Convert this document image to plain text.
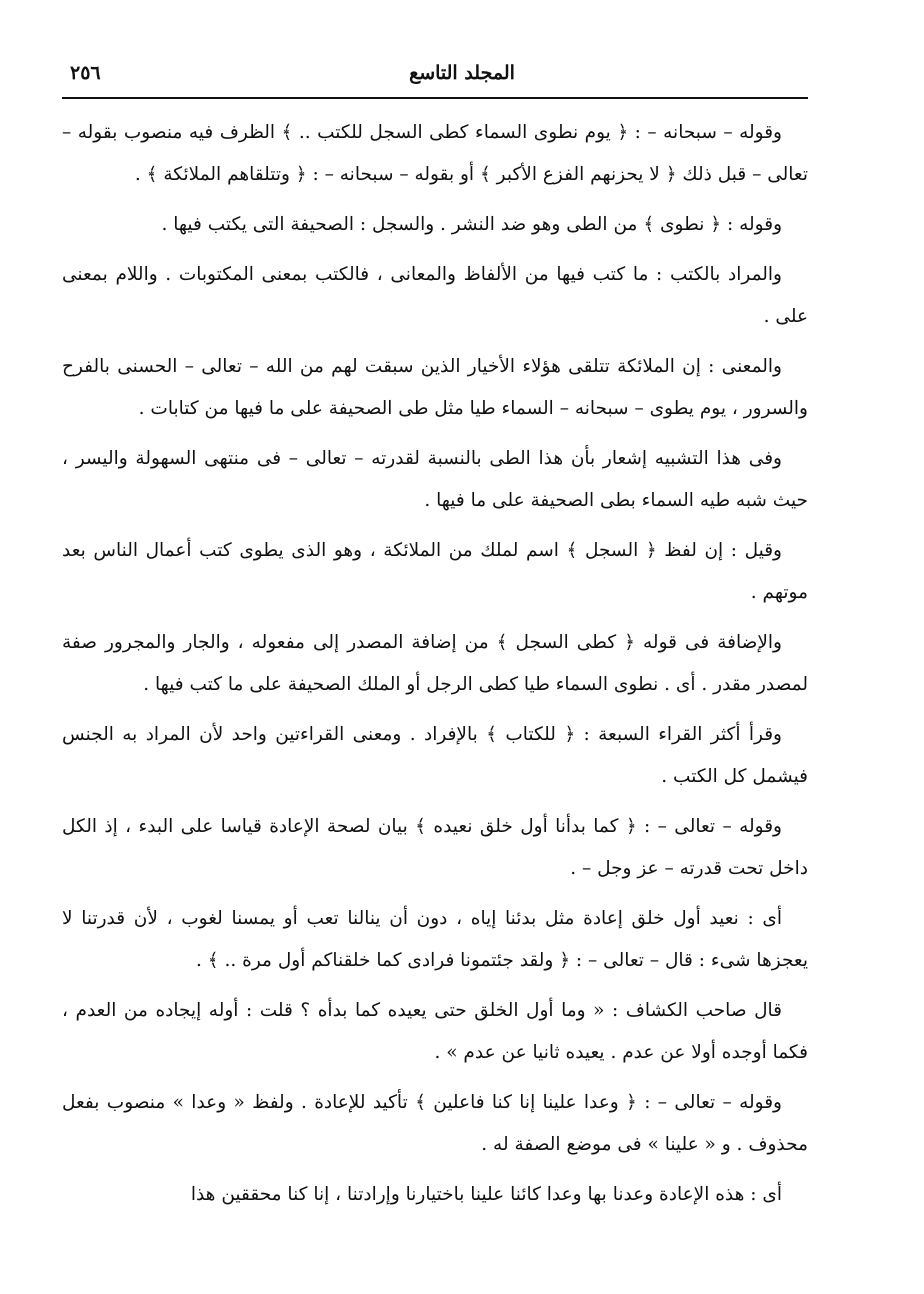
٢٥٦	المجلد التاسع

وقوله – سبحانه – : ﴿ يوم نطوى السماء كطى السجل للكتب .. ﴾ الظرف فيه منصوب بقوله – تعالى – قبل ذلك ﴿ لا يحزنهم الفزع الأكبر ﴾ أو بقوله – سبحانه – : ﴿ وتتلقاهم الملائكة ﴾ .

وقوله : ﴿ نطوى ﴾ من الطى وهو ضد النشر . والسجل : الصحيفة التى يكتب فيها .

والمراد بالكتب : ما كتب فيها من الألفاظ والمعانى ، فالكتب بمعنى المكتوبات . واللام بمعنى على .

والمعنى : إن الملائكة تتلقى هؤلاء الأخيار الذين سبقت لهم من الله – تعالى – الحسنى بالفرح والسرور ، يوم يطوى – سبحانه – السماء طيا مثل طى الصحيفة على ما فيها من كتابات .

وفى هذا التشبيه إشعار بأن هذا الطى بالنسبة لقدرته – تعالى – فى منتهى السهولة واليسر ، حيث شبه طيه السماء بطى الصحيفة على ما فيها .

وقيل : إن لفظ ﴿ السجل ﴾ اسم لملك من الملائكة ، وهو الذى يطوى كتب أعمال الناس بعد موتهم .

والإضافة فى قوله ﴿ كطى السجل ﴾ من إضافة المصدر إلى مفعوله ، والجار والمجرور صفة لمصدر مقدر . أى . نطوى السماء طيا كطى الرجل أو الملك الصحيفة على ما كتب فيها .

وقرأ أكثر القراء السبعة : ﴿ للكتاب ﴾ بالإفراد . ومعنى القراءتين واحد لأن المراد به الجنس فيشمل كل الكتب .

وقوله – تعالى – : ﴿ كما بدأنا أول خلق نعيده ﴾ بيان لصحة الإعادة قياسا على البدء ، إذ الكل داخل تحت قدرته – عز وجل – .

أى : نعيد أول خلق إعادة مثل بدئنا إياه ، دون أن ينالنا تعب أو يمسنا لغوب ، لأن قدرتنا لا يعجزها شىء : قال – تعالى – : ﴿ ولقد جئتمونا فرادى كما خلقناكم أول مرة .. ﴾ .

قال صاحب الكشاف : « وما أول الخلق حتى يعيده كما بدأه ؟ قلت : أوله إيجاده من العدم ، فكما أوجده أولا عن عدم . يعيده ثانيا عن عدم » .

وقوله – تعالى – : ﴿ وعدا علينا إنا كنا فاعلين ﴾ تأكيد للإعادة . ولفظ « وعدا » منصوب بفعل محذوف . و « علينا » فى موضع الصفة له .

أى : هذه الإعادة وعدنا بها وعدا كائنا علينا باختيارنا وإرادتنا ، إنا كنا محققين هذا
